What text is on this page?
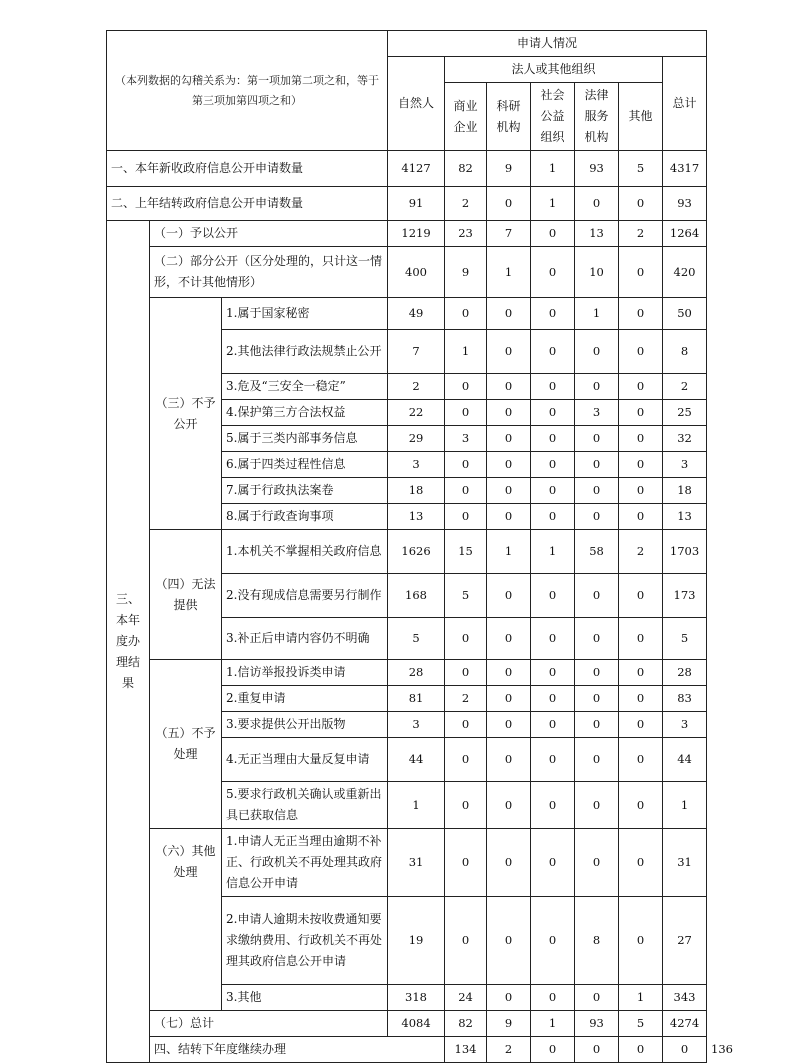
（本列数据的勾稽关系为：第一项加第二项之和，等于第三项加第四项之和）			申请人情况							
			自然人	法人或其他组织					总计	
				商业企业	科研机构	社会公益组织	法律服务机构	其他		
一、本年新收政府信息公开申请数量			4127	82	9	1	93	5	4317	
二、上年结转政府信息公开申请数量			91	2	0	1	0	0	93	
三、本年度办理结果	（一）予以公开		1219	23	7	0	13	2	1264	
	（二）部分公开（区分处理的，只计这一情形，不计其他情形）		400	9	1	0	10	0	420	
	（三）不予公开	1.属于国家秘密	49	0	0	0	1	0	50	
		2.其他法律行政法规禁止公开	7	1	0	0	0	0	8	
		3.危及“三安全一稳定”	2	0	0	0	0	0	2	
		4.保护第三方合法权益	22	0	0	0	3	0	25	
		5.属于三类内部事务信息	29	3	0	0	0	0	32	
		6.属于四类过程性信息	3	0	0	0	0	0	3	
		7.属于行政执法案卷	18	0	0	0	0	0	18	
		8.属于行政查询事项	13	0	0	0	0	0	13	
	（四）无法提供	1.本机关不掌握相关政府信息	1626	15	1	1	58	2	1703	
		2.没有现成信息需要另行制作	168	5	0	0	0	0	173	
		3.补正后申请内容仍不明确	5	0	0	0	0	0	5	
	（五）不予处理	1.信访举报投诉类申请	28	0	0	0	0	0	28	
		2.重复申请	81	2	0	0	0	0	83	
		3.要求提供公开出版物	3	0	0	0	0	0	3	
		4.无正当理由大量反复申请	44	0	0	0	0	0	44	
		5.要求行政机关确认或重新出具已获取信息	1	0	0	0	0	0	1	
	（六）其他处理	1.申请人无正当理由逾期不补正、行政机关不再处理其政府信息公开申请	31	0	0	0	0	0	31	
		2.申请人逾期未按收费通知要求缴纳费用、行政机关不再处理其政府信息公开申请	19	0	0	0	8	0	27	
		3.其他	318	24	0	0	0	1	343	
	（七）总计		4084	82	9	1	93	5	4274	
	四、结转下年度继续办理			134	2	0	0	0	0	136
